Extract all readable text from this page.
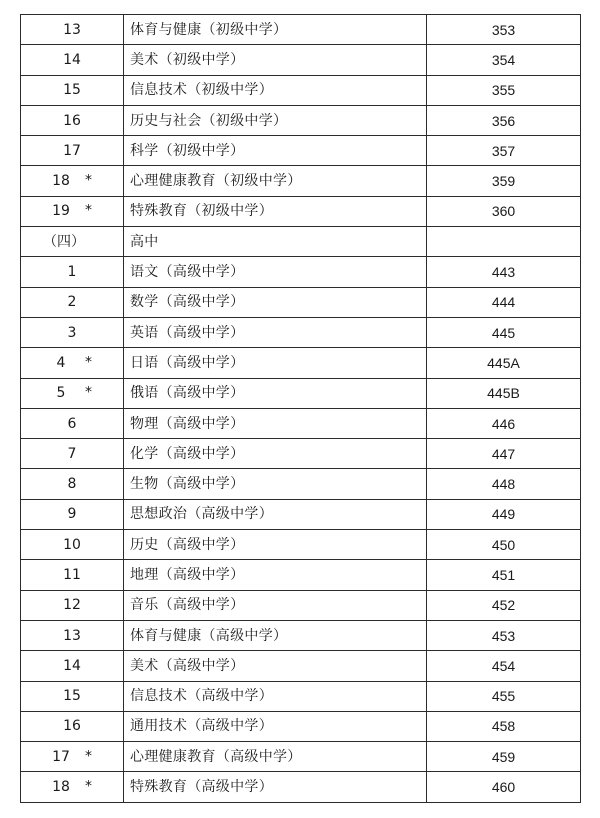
13	体育与健康（初级中学）	353
14	美术（初级中学）	354
15	信息技术（初级中学）	355
16	历史与社会（初级中学）	356
17	科学（初级中学）	357
18 *	心理健康教育（初级中学）	359
19 *	特殊教育（初级中学）	360
（四）	高中	
1	语文（高级中学）	443
2	数学（高级中学）	444
3	英语（高级中学）	445
4 *	日语（高级中学）	445A
5 *	俄语（高级中学）	445B
6	物理（高级中学）	446
7	化学（高级中学）	447
8	生物（高级中学）	448
9	思想政治（高级中学）	449
10	历史（高级中学）	450
11	地理（高级中学）	451
12	音乐（高级中学）	452
13	体育与健康（高级中学）	453
14	美术（高级中学）	454
15	信息技术（高级中学）	455
16	通用技术（高级中学）	458
17 *	心理健康教育（高级中学）	459
18 *	特殊教育（高级中学）	460
